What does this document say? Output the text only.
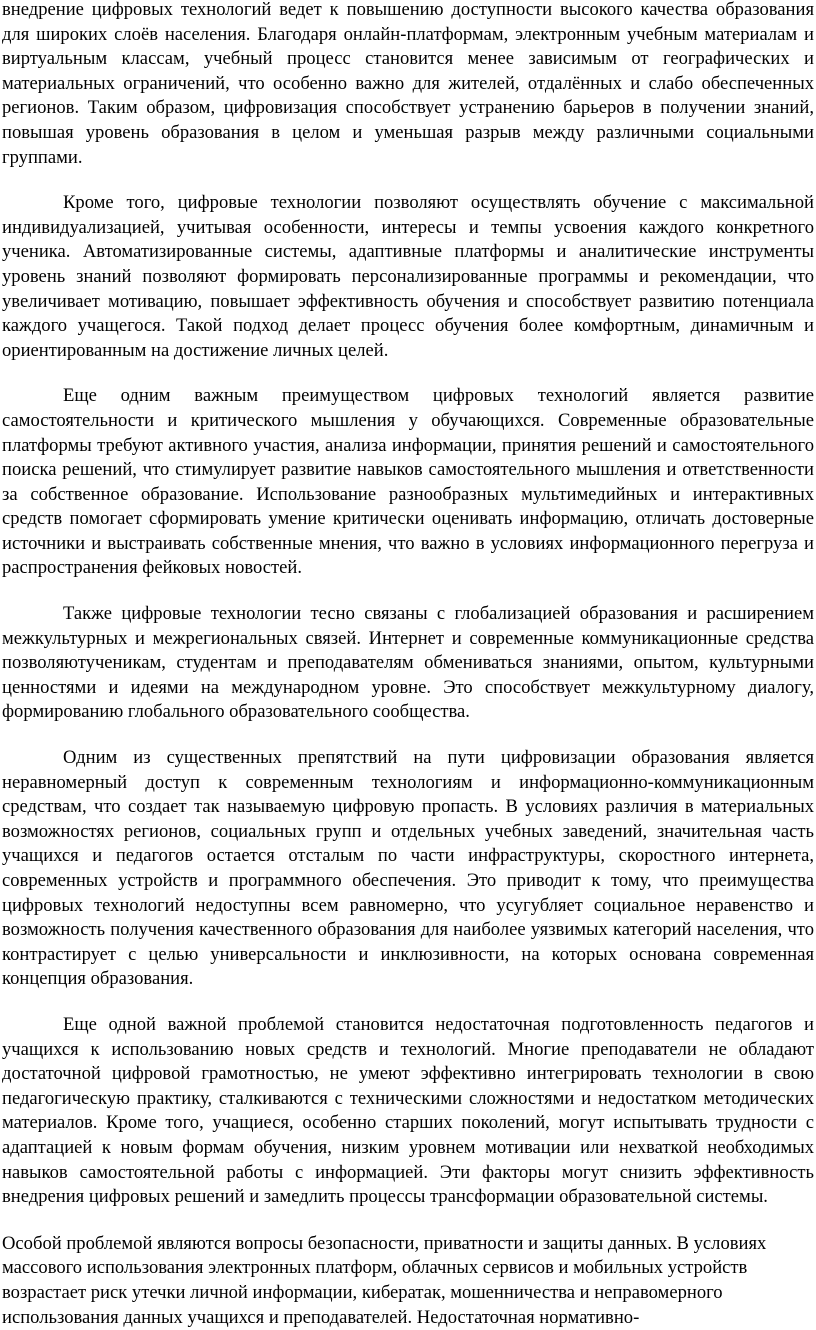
внедрение цифровых технологий ведет к повышению доступности высокого качества образования для широких слоёв населения. Благодаря онлайн-платформам, электронным учебным материалам и виртуальным классам, учебный процесс становится менее зависимым от географических и материальных ограничений, что особенно важно для жителей, отдалённых и слабо обеспеченных регионов. Таким образом, цифровизация способствует устранению барьеров в получении знаний, повышая уровень образования в целом и уменьшая разрыв между различными социальными группами.

Кроме того, цифровые технологии позволяют осуществлять обучение с максимальной индивидуализацией, учитывая особенности, интересы и темпы усвоения каждого конкретного ученика. Автоматизированные системы, адаптивные платформы и аналитические инструменты уровень знаний позволяют формировать персонализированные программы и рекомендации, что увеличивает мотивацию, повышает эффективность обучения и способствует развитию потенциала каждого учащегося. Такой подход делает процесс обучения более комфортным, динамичным и ориентированным на достижение личных целей.

Еще одним важным преимуществом цифровых технологий является развитие самостоятельности и критического мышления у обучающихся. Современные образовательные платформы требуют активного участия, анализа информации, принятия решений и самостоятельного поиска решений, что стимулирует развитие навыков самостоятельного мышления и ответственности за собственное образование. Использование разнообразных мультимедийных и интерактивных средств помогает сформировать умение критически оценивать информацию, отличать достоверные источники и выстраивать собственные мнения, что важно в условиях информационного перегруза и распространения фейковых новостей.

Также цифровые технологии тесно связаны с глобализацией образования и расширением межкультурных и межрегиональных связей. Интернет и современные коммуникационные средства позволяютученикам, студентам и преподавателям обмениваться знаниями, опытом, культурными ценностями и идеями на международном уровне. Это способствует межкультурному диалогу, формированию глобального образовательного сообщества.

Одним из существенных препятствий на пути цифровизации образования является неравномерный доступ к современным технологиям и информационно-коммуникационным средствам, что создает так называемую цифровую пропасть. В условиях различия в материальных возможностях регионов, социальных групп и отдельных учебных заведений, значительная часть учащихся и педагогов остается отсталым по части инфраструктуры, скоростного интернета, современных устройств и программного обеспечения. Это приводит к тому, что преимущества цифровых технологий недоступны всем равномерно, что усугубляет социальное неравенство и возможность получения качественного образования для наиболее уязвимых категорий населения, что контрастирует с целью универсальности и инклюзивности, на которых основана современная концепция образования.

Еще одной важной проблемой становится недостаточная подготовленность педагогов и учащихся к использованию новых средств и технологий. Многие преподаватели не обладают достаточной цифровой грамотностью, не умеют эффективно интегрировать технологии в свою педагогическую практику, сталкиваются с техническими сложностями и недостатком методических материалов. Кроме того, учащиеся, особенно старших поколений, могут испытывать трудности с адаптацией к новым формам обучения, низким уровнем мотивации или нехваткой необходимых навыков самостоятельной работы с информацией. Эти факторы могут снизить эффективность внедрения цифровых решений и замедлить процессы трансформации образовательной системы.

Особой проблемой являются вопросы безопасности, приватности и защиты данных. В условиях массового использования электронных платформ, облачных сервисов и мобильных устройств возрастает риск утечки личной информации, кибератак, мошенничества и неправомерного использования данных учащихся и преподавателей. Недостаточная нормативно-
